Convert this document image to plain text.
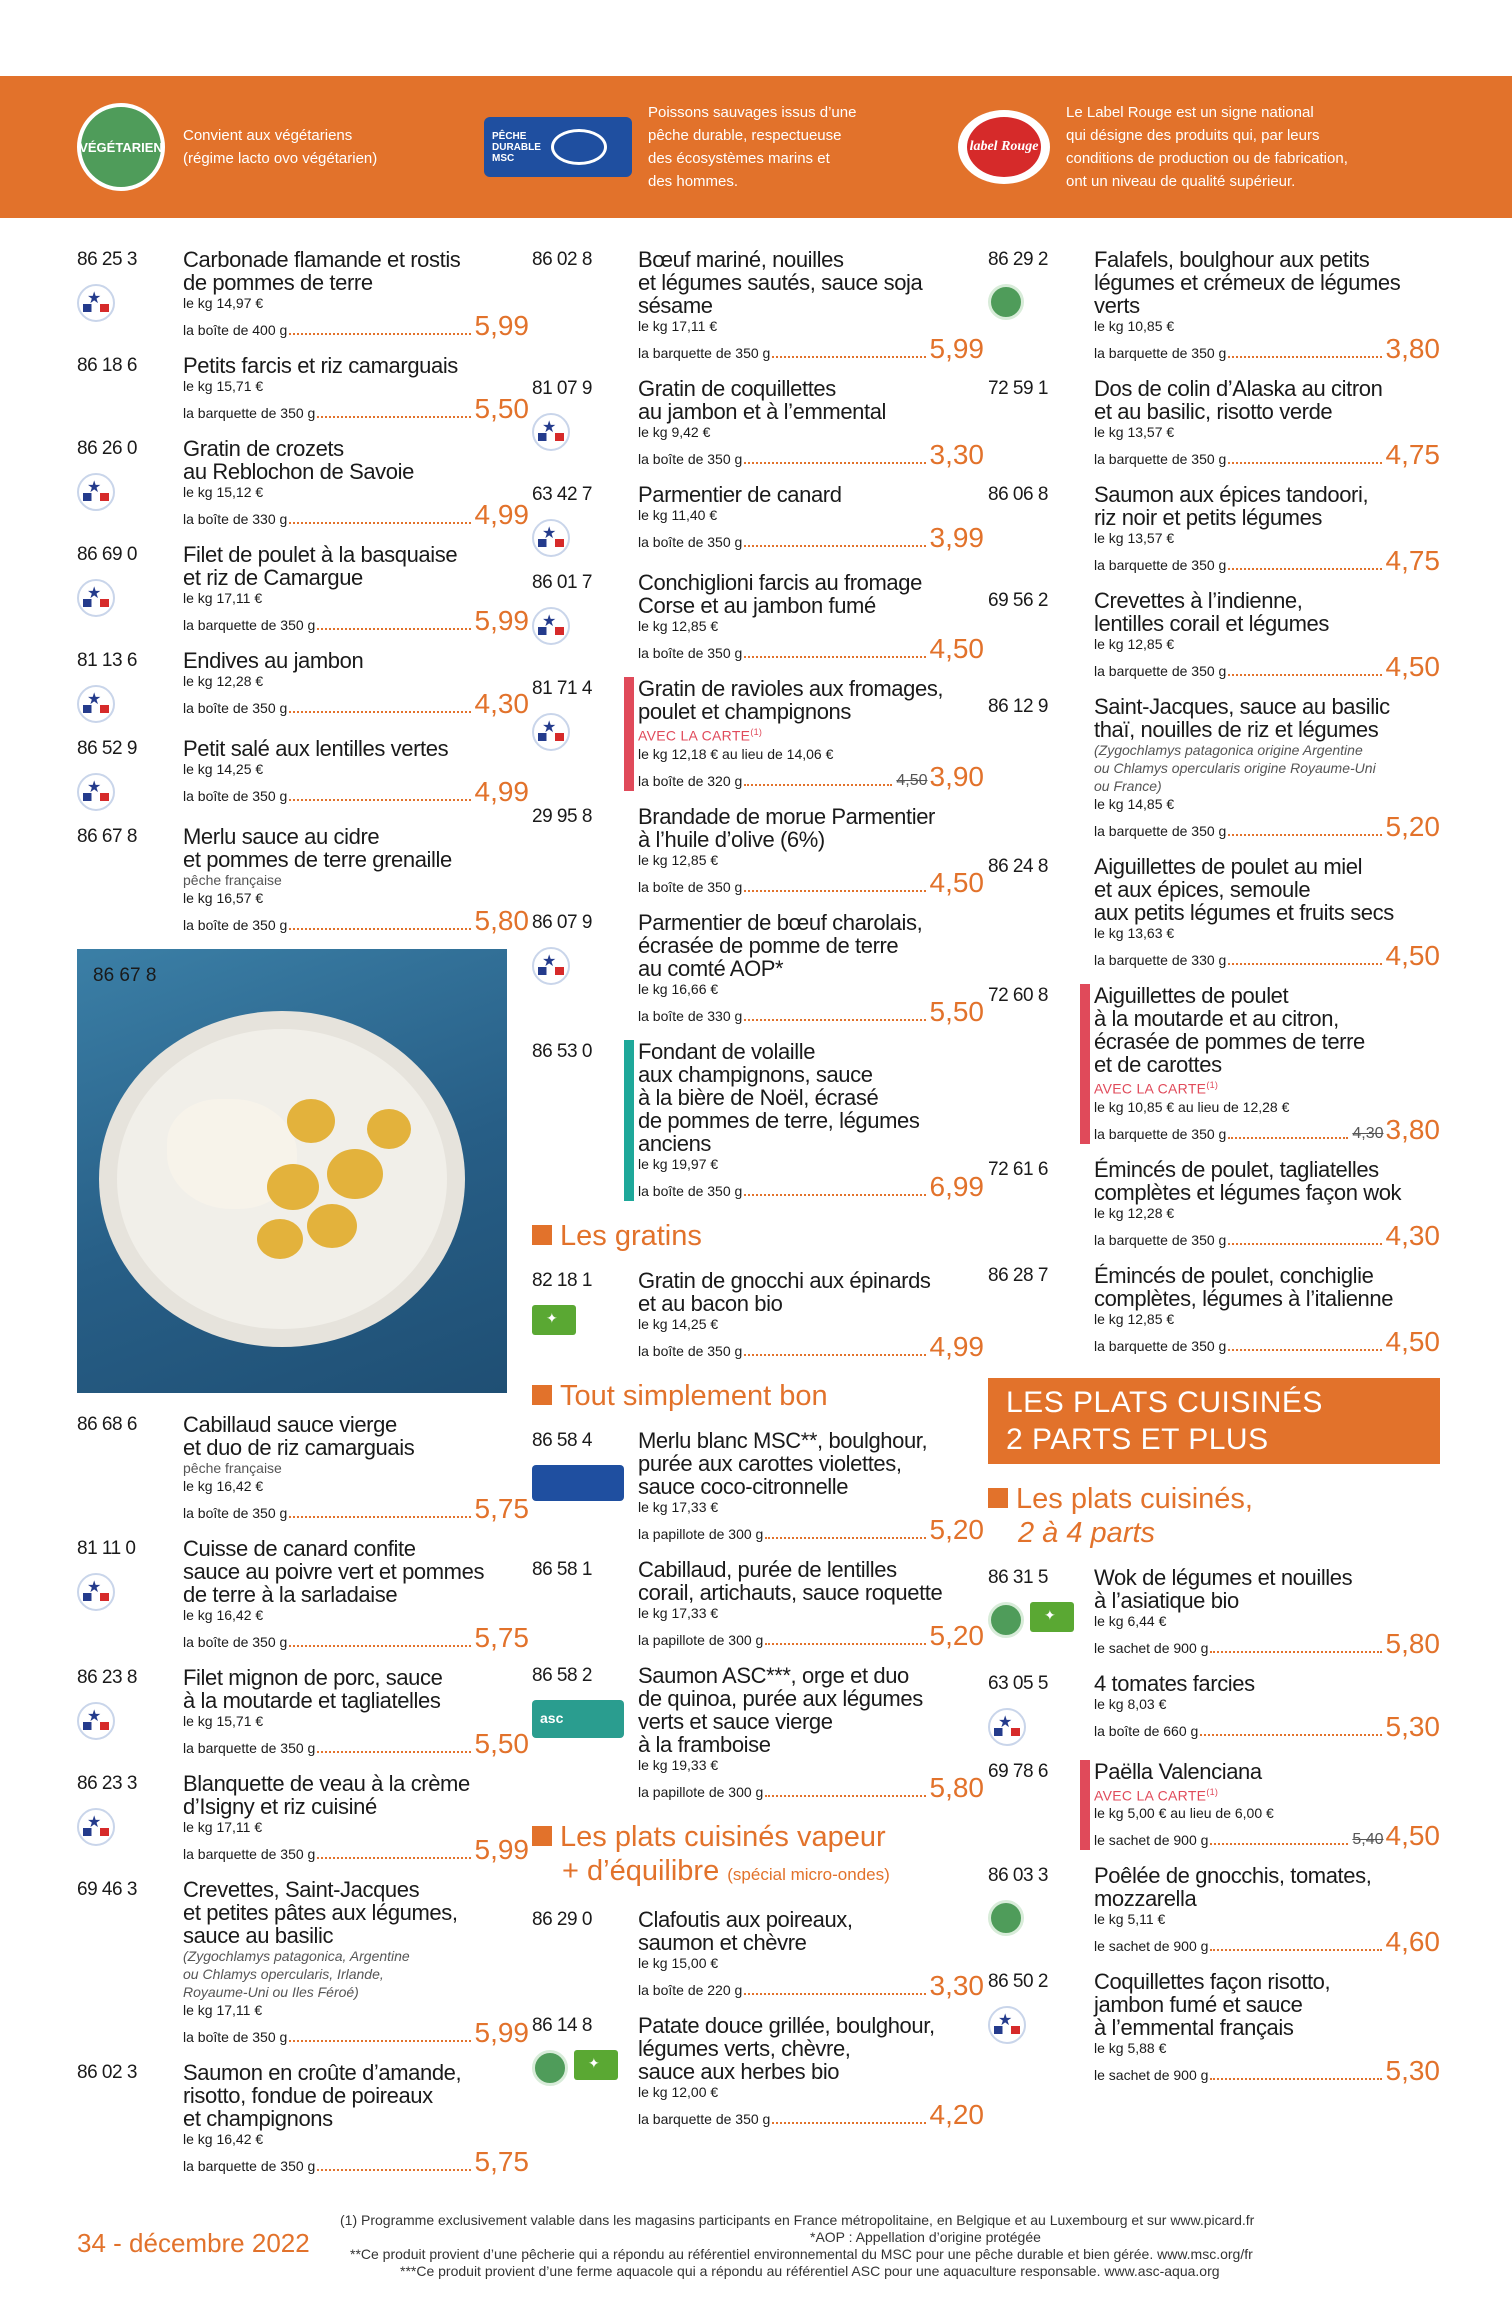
VÉGÉTARIEN
Convient aux végétariens
(régime lacto ovo végétarien)
PÊCHE
DURABLE
MSC
Poissons sauvages issus d’une
pêche durable, respectueuse
des écosystèmes marins et
des hommes.
label Rouge
Le Label Rouge est un signe national
qui désigne des produits qui, par leurs
conditions de production ou de fabrication,
ont un niveau de qualité supérieur.
86 25 3
★	Carbonade flamande et rostis
de pommes de terre
le kg 14,97 €
la boîte de 400 g	5,99
86 18 6	Petits farcis et riz camarguais
le kg 15,71 €
la barquette de 350 g	5,50
86 26 0
★	Gratin de crozets
au Reblochon de Savoie
le kg 15,12 €
la boîte de 330 g	4,99
86 69 0
★	Filet de poulet à la basquaise
et riz de Camargue
le kg 17,11 €
la barquette de 350 g	5,99
81 13 6
★	Endives au jambon
le kg 12,28 €
la boîte de 350 g	4,30
86 52 9
★	Petit salé aux lentilles vertes
le kg 14,25 €
la boîte de 350 g	4,99
86 67 8	Merlu sauce au cidre
et pommes de terre grenaille
pêche française
le kg 16,57 €
la boîte de 350 g	5,80
86 67 8
86 68 6	Cabillaud sauce vierge
et duo de riz camarguais
pêche française
le kg 16,42 €
la boîte de 350 g	5,75
81 11 0
★	Cuisse de canard confite
sauce au poivre vert et pommes
de terre à la sarladaise
le kg 16,42 €
la boîte de 350 g	5,75
86 23 8
★	Filet mignon de porc, sauce
à la moutarde et tagliatelles
le kg 15,71 €
la barquette de 350 g	5,50
86 23 3
★	Blanquette de veau à la crème
d’Isigny et riz cuisiné
le kg 17,11 €
la barquette de 350 g	5,99
69 46 3	Crevettes, Saint-Jacques
et petites pâtes aux légumes,
sauce au basilic
(Zygochlamys patagonica, Argentine
ou Chlamys opercularis, Irlande,
Royaume-Uni ou Iles Féroé)
le kg 17,11 €
la boîte de 350 g	5,99
86 02 3	Saumon en croûte d’amande,
risotto, fondue de poireaux
et champignons
le kg 16,42 €
la barquette de 350 g	5,75
86 02 8	Bœuf mariné, nouilles
et légumes sautés, sauce soja
sésame
le kg 17,11 €
la barquette de 350 g	5,99
81 07 9
★	Gratin de coquillettes
au jambon et à l’emmental
le kg 9,42 €
la boîte de 350 g	3,30
63 42 7
★	Parmentier de canard
le kg 11,40 €
la boîte de 350 g	3,99
86 01 7
★	Conchiglioni farcis au fromage
Corse et au jambon fumé
le kg 12,85 €
la boîte de 350 g	4,50
81 71 4
★	Gratin de ravioles aux fromages,
poulet et champignons
AVEC LA CARTE$^{(1)}$
le kg 12,18 € au lieu de 14,06 €
la boîte de 320 g	4,50 3,90
29 95 8	Brandade de morue Parmentier
à l’huile d’olive (6%)
le kg 12,85 €
la boîte de 350 g	4,50
86 07 9
★	Parmentier de bœuf charolais,
écrasée de pomme de terre
au comté AOP*
le kg 16,66 €
la boîte de 330 g	5,50
86 53 0	Fondant de volaille
aux champignons, sauce
à la bière de Noël, écrasé
de pommes de terre, légumes
anciens
le kg 19,97 €
la boîte de 350 g	6,99
Les gratins
82 18 1
✦	Gratin de gnocchi aux épinards
et au bacon bio
le kg 14,25 €
la boîte de 350 g	4,99
Tout simplement bon
86 58 4	Merlu blanc MSC**, boulghour,
purée aux carottes violettes,
sauce coco-citronnelle
le kg 17,33 €
la papillote de 300 g	5,20
86 58 1	Cabillaud, purée de lentilles
corail, artichauts, sauce roquette
le kg 17,33 €
la papillote de 300 g	5,20
86 58 2
asc
Saumon ASC***, orge et duo
de quinoa, purée aux légumes
verts et sauce vierge
à la framboise
le kg 19,33 €
la papillote de 300 g	5,80
Les plats cuisinés vapeur
+ d’équilibre (spécial micro-ondes)
86 29 0	Clafoutis aux poireaux,
saumon et chèvre
le kg 15,00 €
la boîte de 220 g	3,30
86 14 8
✦	Patate douce grillée, boulghour,
légumes verts, chèvre,
sauce aux herbes bio
le kg 12,00 €
la barquette de 350 g	4,20
86 29 2	Falafels, boulghour aux petits
légumes et crémeux de légumes
verts
le kg 10,85 €
la barquette de 350 g	3,80
72 59 1	Dos de colin d’Alaska au citron
et au basilic, risotto verde
le kg 13,57 €
la barquette de 350 g	4,75
86 06 8	Saumon aux épices tandoori,
riz noir et petits légumes
le kg 13,57 €
la barquette de 350 g	4,75
69 56 2	Crevettes à l’indienne,
lentilles corail et légumes
le kg 12,85 €
la barquette de 350 g	4,50
86 12 9	Saint-Jacques, sauce au basilic
thaï, nouilles de riz et légumes
(Zygochlamys patagonica origine Argentine
ou Chlamys opercularis origine Royaume-Uni
ou France)
le kg 14,85 €
la barquette de 350 g	5,20
86 24 8	Aiguillettes de poulet au miel
et aux épices, semoule
aux petits légumes et fruits secs
le kg 13,63 €
la barquette de 330 g	4,50
72 60 8	Aiguillettes de poulet
à la moutarde et au citron,
écrasée de pommes de terre
et de carottes
AVEC LA CARTE$^{(1)}$
le kg 10,85 € au lieu de 12,28 €
la barquette de 350 g	4,30 3,80
72 61 6	Émincés de poulet, tagliatelles
complètes et légumes façon wok
le kg 12,28 €
la barquette de 350 g	4,30
86 28 7	Émincés de poulet, conchiglie
complètes, légumes à l’italienne
le kg 12,85 €
la barquette de 350 g	4,50
LES PLATS CUISINÉS
2 PARTS ET PLUS
Les plats cuisinés,
2 à 4 parts
86 31 5
✦	Wok de légumes et nouilles
à l’asiatique bio
le kg 6,44 €
le sachet de 900 g	5,80
63 05 5
★	4 tomates farcies
le kg 8,03 €
la boîte de 660 g	5,30
69 78 6	Paëlla Valenciana
AVEC LA CARTE$^{(1)}$
le kg 5,00 € au lieu de 6,00 €
le sachet de 900 g	5,40 4,50
86 03 3	Poêlée de gnocchis, tomates,
mozzarella
le kg 5,11 €
le sachet de 900 g	4,60
86 50 2
★	Coquillettes façon risotto,
jambon fumé et sauce
à l’emmental français
le kg 5,88 €
le sachet de 900 g	5,30
34 - décembre 2022
(1) Programme exclusivement valable dans les magasins participants en France métropolitaine, en Belgique et au Luxembourg et sur www.picard.fr
*AOP : Appellation d’origine protégée
**Ce produit provient d’une pêcherie qui a répondu au référentiel environnemental du MSC pour une pêche durable et bien gérée. www.msc.org/fr
***Ce produit provient d’une ferme aquacole qui a répondu au référentiel ASC pour une aquaculture responsable. www.asc-aqua.org
